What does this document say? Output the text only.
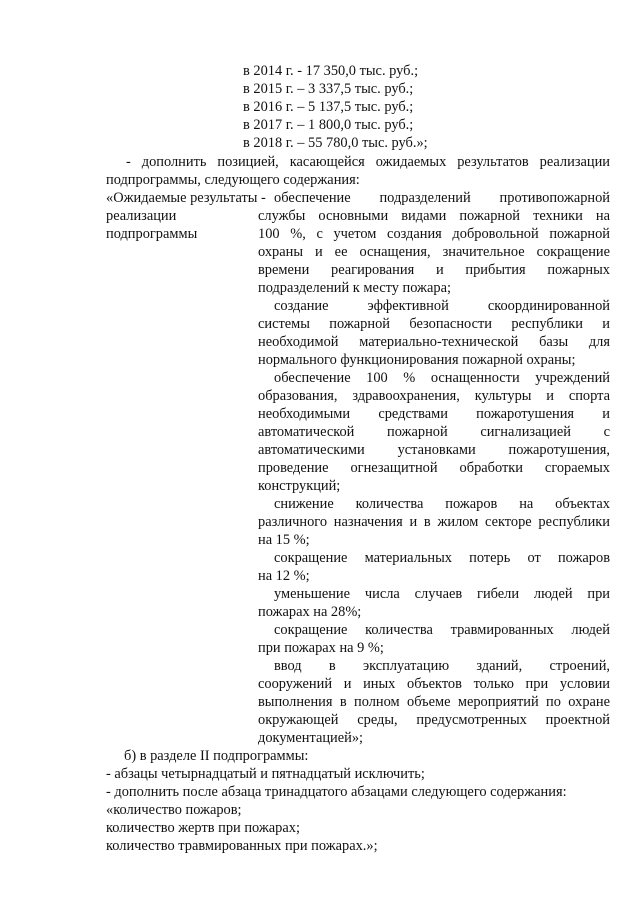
в 2014 г. - 17 350,0 тыс. руб.;
в 2015 г. – 3 337,5 тыс. руб.;
в 2016 г. – 5 137,5 тыс. руб.;
в 2017 г. – 1 800,0 тыс. руб.;
в 2018 г. – 55 780,0 тыс. руб.»;
- дополнить позицией, касающейся ожидаемых результатов реализации
подпрограммы, следующего содержания:
«Ожидаемые результаты -
реализации
подпрограммы
обеспечение подразделений противопожарной
службы основными видами пожарной техники на
100 %, с учетом создания добровольной пожарной
охраны и ее оснащения, значительное сокращение
времени реагирования и прибытия пожарных
подразделений к месту пожара;
создание эффективной скоординированной
системы пожарной безопасности республики и
необходимой материально-технической базы для
нормального функционирования пожарной охраны;
обеспечение 100 % оснащенности учреждений
образования, здравоохранения, культуры и спорта
необходимыми средствами пожаротушения и
автоматической пожарной сигнализацией с
автоматическими установками пожаротушения,
проведение огнезащитной обработки сгораемых
конструкций;
снижение количества пожаров на объектах
различного назначения и в жилом секторе республики
на 15 %;
сокращение материальных потерь от пожаров
на 12 %;
уменьшение числа случаев гибели людей при
пожарах на 28%;
сокращение количества травмированных людей
при пожарах на 9 %;
ввод в эксплуатацию зданий, строений,
сооружений и иных объектов только при условии
выполнения в полном объеме мероприятий по охране
окружающей среды, предусмотренных проектной
документацией»;
б) в разделе II подпрограммы:
- абзацы четырнадцатый и пятнадцатый исключить;
- дополнить после абзаца тринадцатого абзацами следующего содержания:
«количество пожаров;
количество жертв при пожарах;
количество травмированных при пожарах.»;
